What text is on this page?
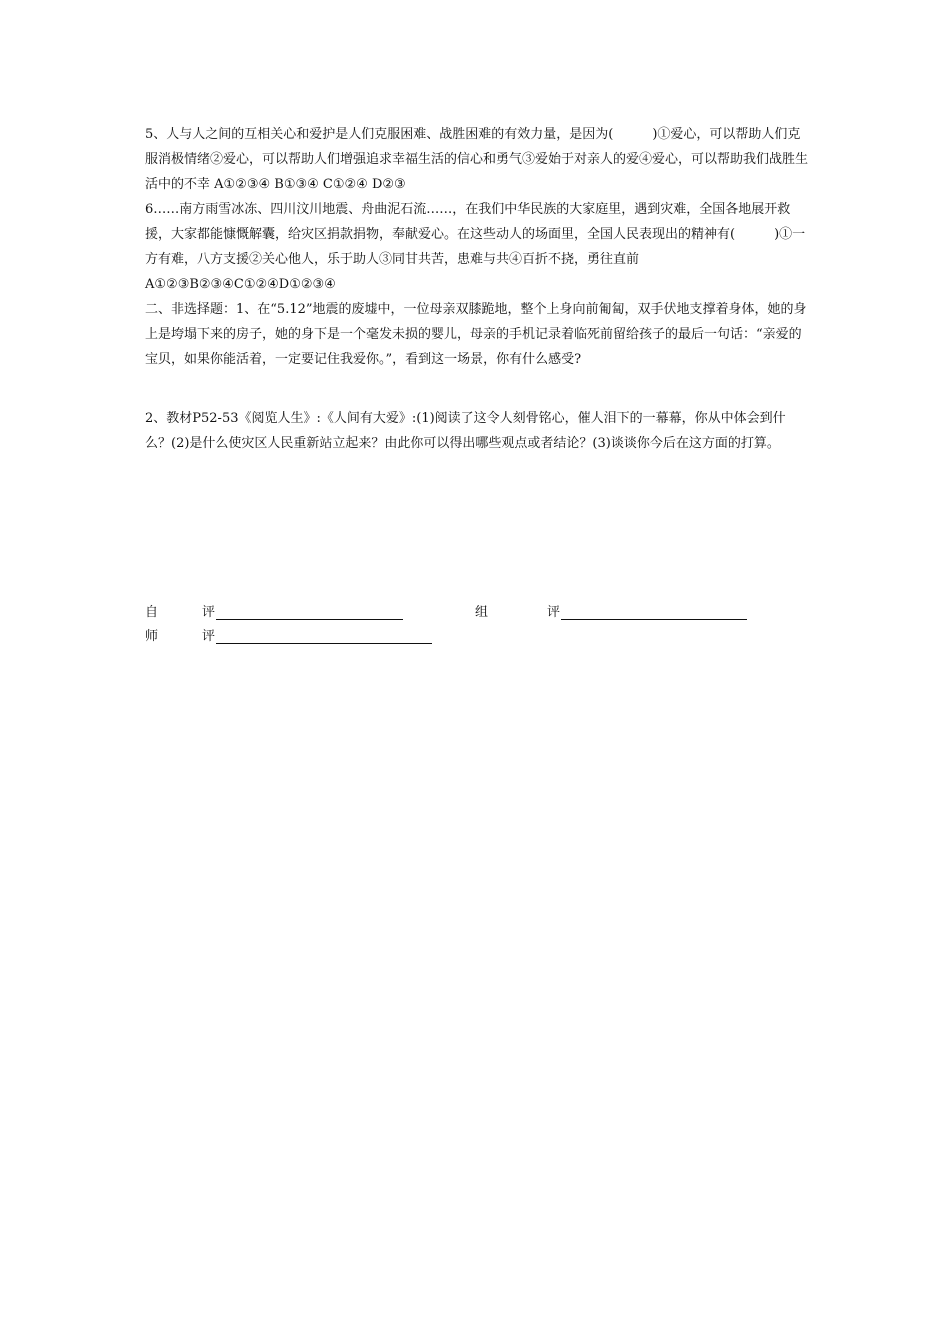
5、人与人之间的互相关心和爱护是人们克服困难、战胜困难的有效力量，是因为(　　　)①爱心，可以帮助人们克服消极情绪②爱心，可以帮助人们增强追求幸福生活的信心和勇气③爱始于对亲人的爱④爱心，可以帮助我们战胜生活中的不幸 A①②③④ B①③④ C①②④ D②③

6……南方雨雪冰冻、四川汶川地震、舟曲泥石流……，在我们中华民族的大家庭里，遇到灾难，全国各地展开救援，大家都能慷慨解囊，给灾区捐款捐物，奉献爱心。在这些动人的场面里，全国人民表现出的精神有(　　　)①一方有难，八方支援②关心他人，乐于助人③同甘共苦，患难与共④百折不挠，勇往直前

A①②③B②③④C①②④D①②③④

二、非选择题：1、在“5.12”地震的废墟中，一位母亲双膝跪地，整个上身向前匍匐，双手伏地支撑着身体，她的身上是垮塌下来的房子，她的身下是一个毫发未损的婴儿，母亲的手机记录着临死前留给孩子的最后一句话：“亲爱的宝贝，如果你能活着，一定要记住我爱你。”，看到这一场景，你有什么感受?

2、教材P52-53《阅览人生》:《人间有大爱》:(1)阅读了这令人刻骨铭心，催人泪下的一幕幕，你从中体会到什么？(2)是什么使灾区人民重新站立起来？由此你可以得出哪些观点或者结论？(3)谈谈你今后在这方面的打算。

自	评	组	评
师	评
